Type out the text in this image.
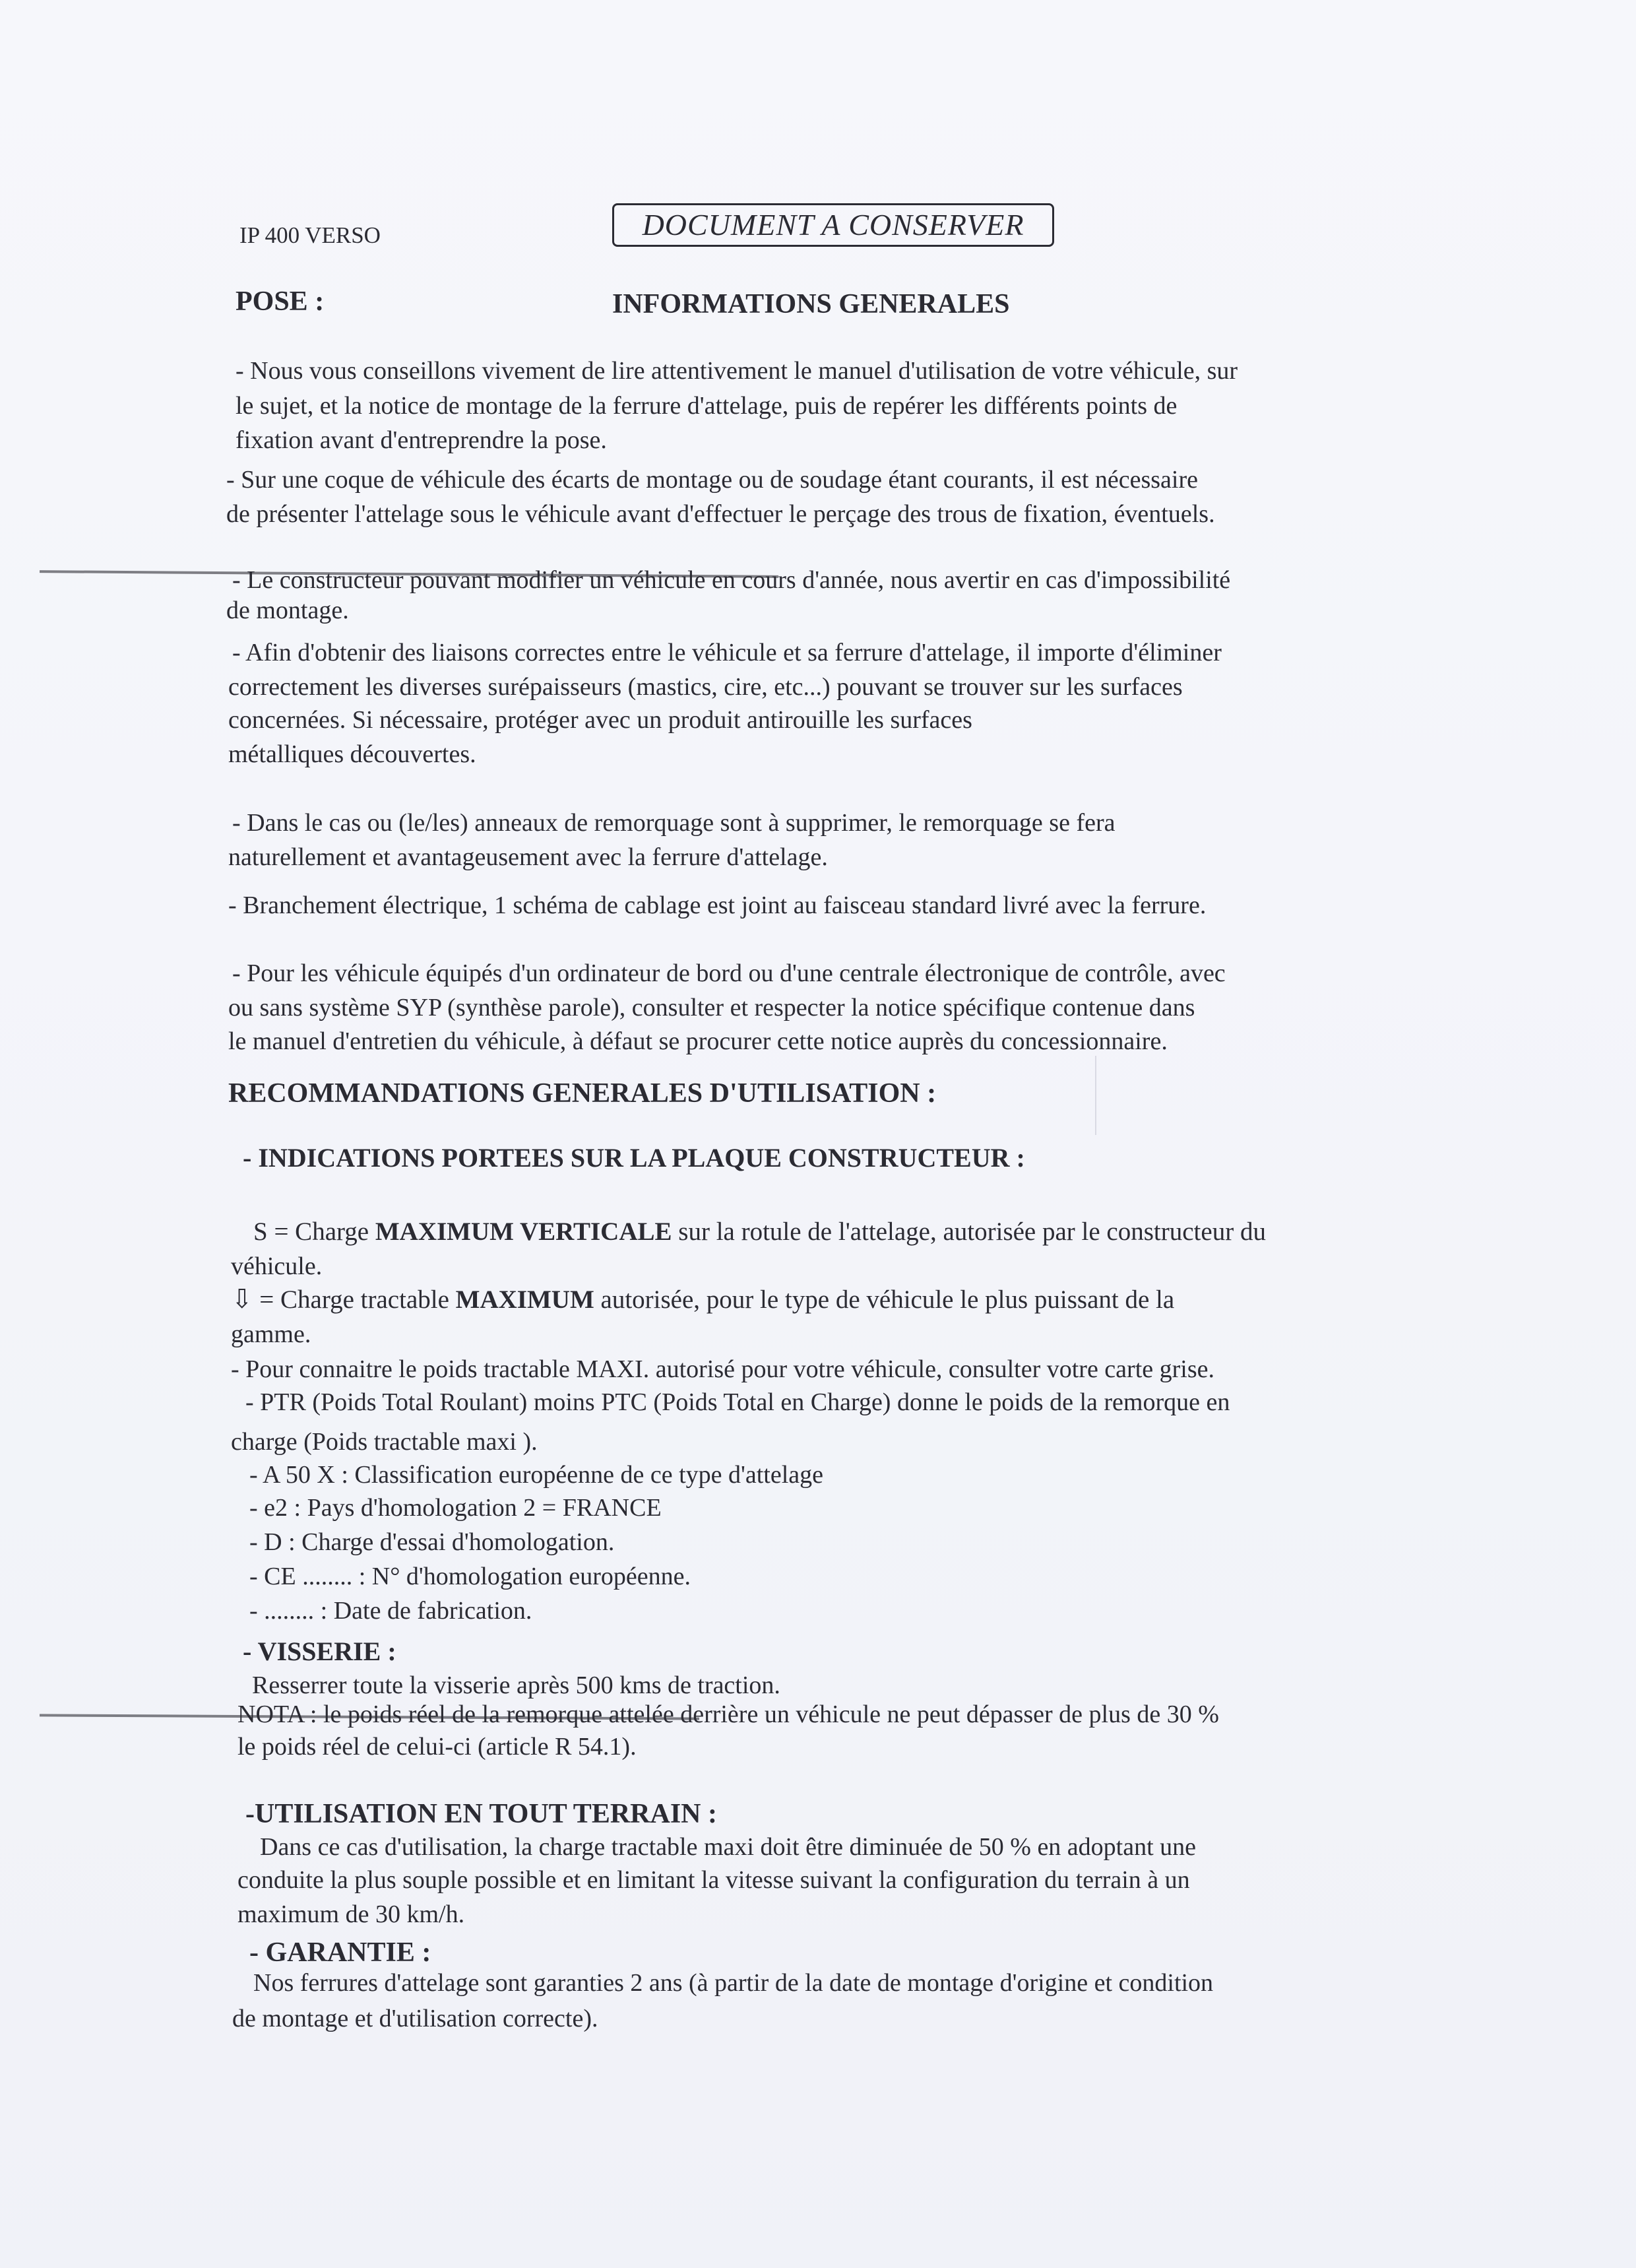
IP 400 VERSO	DOCUMENT A CONSERVER
POSE :	INFORMATIONS GENERALES
- Nous vous conseillons vivement de lire attentivement le manuel d'utilisation de votre véhicule, sur
le sujet, et la notice de montage de la ferrure d'attelage, puis de repérer les différents points de
fixation avant d'entreprendre la pose.
- Sur une coque de véhicule des écarts de montage ou de soudage étant courants, il est nécessaire
de présenter l'attelage sous le véhicule avant d'effectuer le perçage des trous de fixation, éventuels.
- Le constructeur pouvant modifier un véhicule en cours d'année, nous avertir en cas d'impossibilité
de montage.
- Afin d'obtenir des liaisons correctes entre le véhicule et sa ferrure d'attelage, il importe d'éliminer
correctement les diverses surépaisseurs (mastics, cire, etc...) pouvant se trouver sur les surfaces
concernées. Si nécessaire, protéger avec un produit antirouille les surfaces
métalliques découvertes.
- Dans le cas ou (le/les) anneaux de remorquage sont à supprimer, le remorquage se fera
naturellement et avantageusement avec la ferrure d'attelage.
- Branchement électrique, 1 schéma de cablage est joint au faisceau standard livré avec la ferrure.
- Pour les véhicule équipés d'un ordinateur de bord ou d'une centrale électronique de contrôle, avec
ou sans système SYP (synthèse parole), consulter et respecter la notice spécifique contenue dans
le manuel d'entretien du véhicule, à défaut se procurer cette notice auprès du concessionnaire.
RECOMMANDATIONS GENERALES D'UTILISATION :
- INDICATIONS PORTEES SUR LA PLAQUE CONSTRUCTEUR :
S = Charge MAXIMUM VERTICALE sur la rotule de l'attelage, autorisée par le constructeur du
véhicule.
⇩ = Charge tractable MAXIMUM autorisée, pour le type de véhicule le plus puissant de la
gamme.
- Pour connaitre le poids tractable MAXI. autorisé pour votre véhicule, consulter votre carte grise.
- PTR (Poids Total Roulant) moins PTC (Poids Total en Charge) donne le poids de la remorque en
charge (Poids tractable maxi ).
- A 50 X : Classification européenne de ce type d'attelage
- e2 : Pays d'homologation 2 = FRANCE
- D : Charge d'essai d'homologation.
- CE ........ : N° d'homologation européenne.
- ........ : Date de fabrication.
- VISSERIE :
Resserrer toute la visserie après 500 kms de traction.
NOTA : le poids réel de la remorque attelée derrière un véhicule ne peut dépasser de plus de 30 %
le poids réel de celui-ci (article R 54.1).
-UTILISATION EN TOUT TERRAIN :
Dans ce cas d'utilisation, la charge tractable maxi doit être diminuée de 50 % en adoptant une
conduite la plus souple possible et en limitant la vitesse suivant la configuration du terrain à un
maximum de 30 km/h.
- GARANTIE :
Nos ferrures d'attelage sont garanties 2 ans (à partir de la date de montage d'origine et condition
de montage et d'utilisation correcte).
